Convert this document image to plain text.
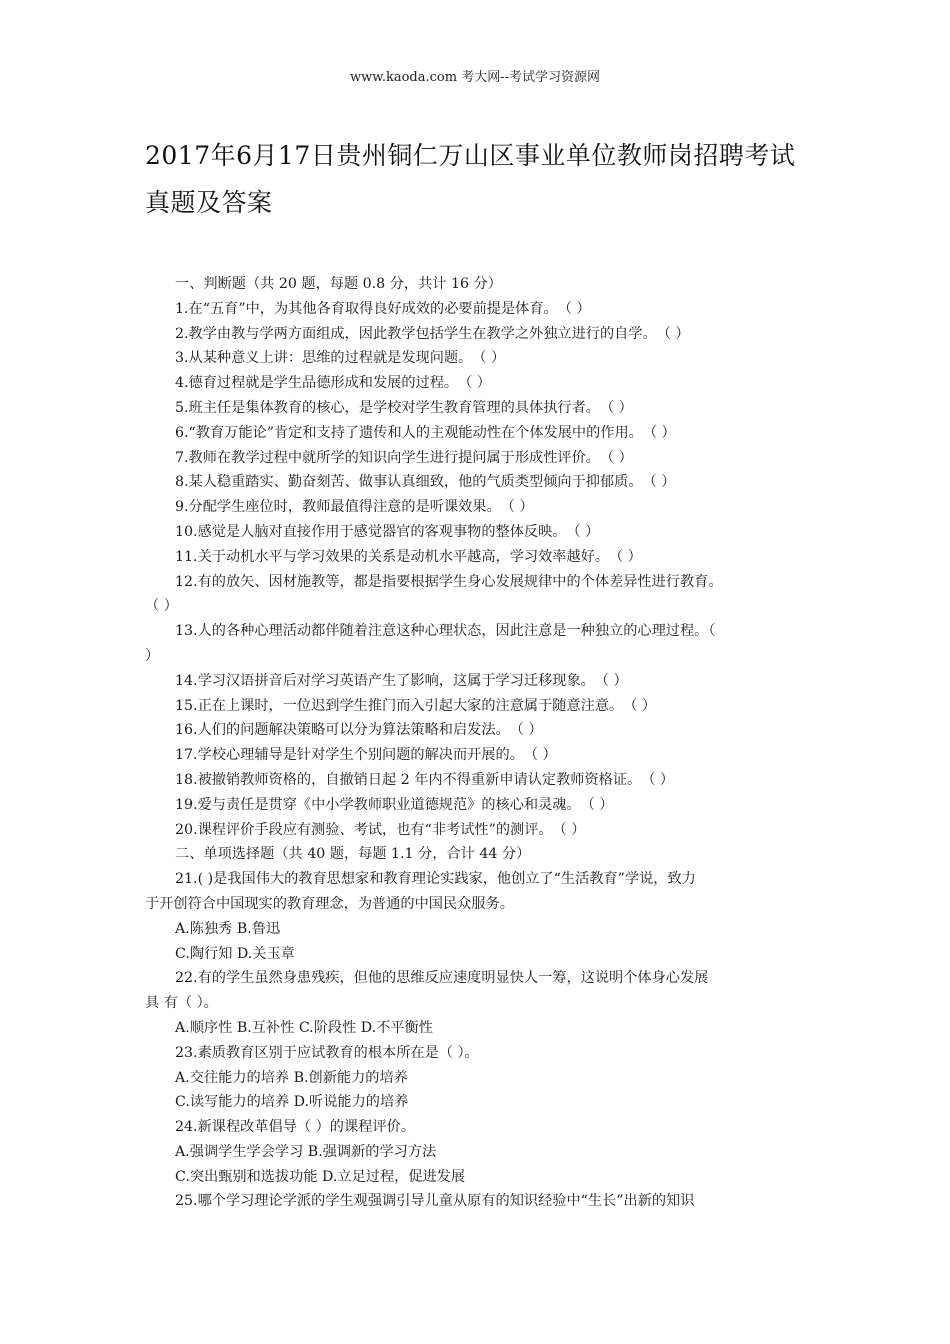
www.kaoda.com 考大网--考试学习资源网
2017年6月17日贵州铜仁万山区事业单位教师岗招聘考试
真题及答案
一、判断题（共 20 题，每题 0.8 分，共计 16 分）
1.在“五育”中，为其他各育取得良好成效的必要前提是体育。　（ ）
2.教学由教与学两方面组成，因此教学包括学生在教学之外独立进行的自学。　（ ）
3.从某种意义上讲：思维的过程就是发现问题。　（ ）
4.德育过程就是学生品德形成和发展的过程。　（ ）
5.班主任是集体教育的核心，是学校对学生教育管理的具体执行者。　（ ）
6.“教育万能论”肯定和支持了遗传和人的主观能动性在个体发展中的作用。　（ ）
7.教师在教学过程中就所学的知识向学生进行提问属于形成性评价。　（ ）
8.某人稳重踏实、勤奋刻苦、做事认真细致，他的气质类型倾向于抑郁质。　（ ）
9.分配学生座位时，教师最值得注意的是听课效果。　（ ）
10.感觉是人脑对直接作用于感觉器官的客观事物的整体反映。　（ ）
11.关于动机水平与学习效果的关系是动机水平越高，学习效率越好。　（ ）
12.有的放矢、因材施教等，都是指要根据学生身心发展规律中的个体差异性进行教育。
（ ）
13.人的各种心理活动都伴随着注意这种心理状态，因此注意是一种独立的心理过程。（
）
14.学习汉语拼音后对学习英语产生了影响，这属于学习迁移现象。　（ ）
15.正在上课时，一位迟到学生推门而入引起大家的注意属于随意注意。　（ ）
16.人们的问题解决策略可以分为算法策略和启发法。　（ ）
17.学校心理辅导是针对学生个别问题的解决而开展的。　（ ）
18.被撤销教师资格的，自撤销日起 2 年内不得重新申请认定教师资格证。　（ ）
19.爱与责任是贯穿《中小学教师职业道德规范》的核心和灵魂。　（ ）
20.课程评价手段应有测验、考试，也有“非考试性”的测评。　（ ）
二、单项选择题（共 40 题，每题 1.1 分，合计 44 分）
21.( )是我国伟大的教育思想家和教育理论实践家，他创立了“生活教育”学说，致力
于开创符合中国现实的教育理念，为普通的中国民众服务。
A.陈独秀 B.鲁迅
C.陶行知 D.关玉章
22.有的学生虽然身患残疾，但他的思维反应速度明显快人一筹，这说明个体身心发展
具 有（ ）。
A.顺序性 B.互补性 C.阶段性 D.不平衡性
23.素质教育区别于应试教育的根本所在是（ ）。
A.交往能力的培养 B.创新能力的培养
C.读写能力的培养 D.听说能力的培养
24.新课程改革倡导（ ）的课程评价。
A.强调学生学会学习 B.强调新的学习方法
C.突出甄别和选拔功能 D.立足过程，促进发展
25.哪个学习理论学派的学生观强调引导儿童从原有的知识经验中“生长”出新的知识
